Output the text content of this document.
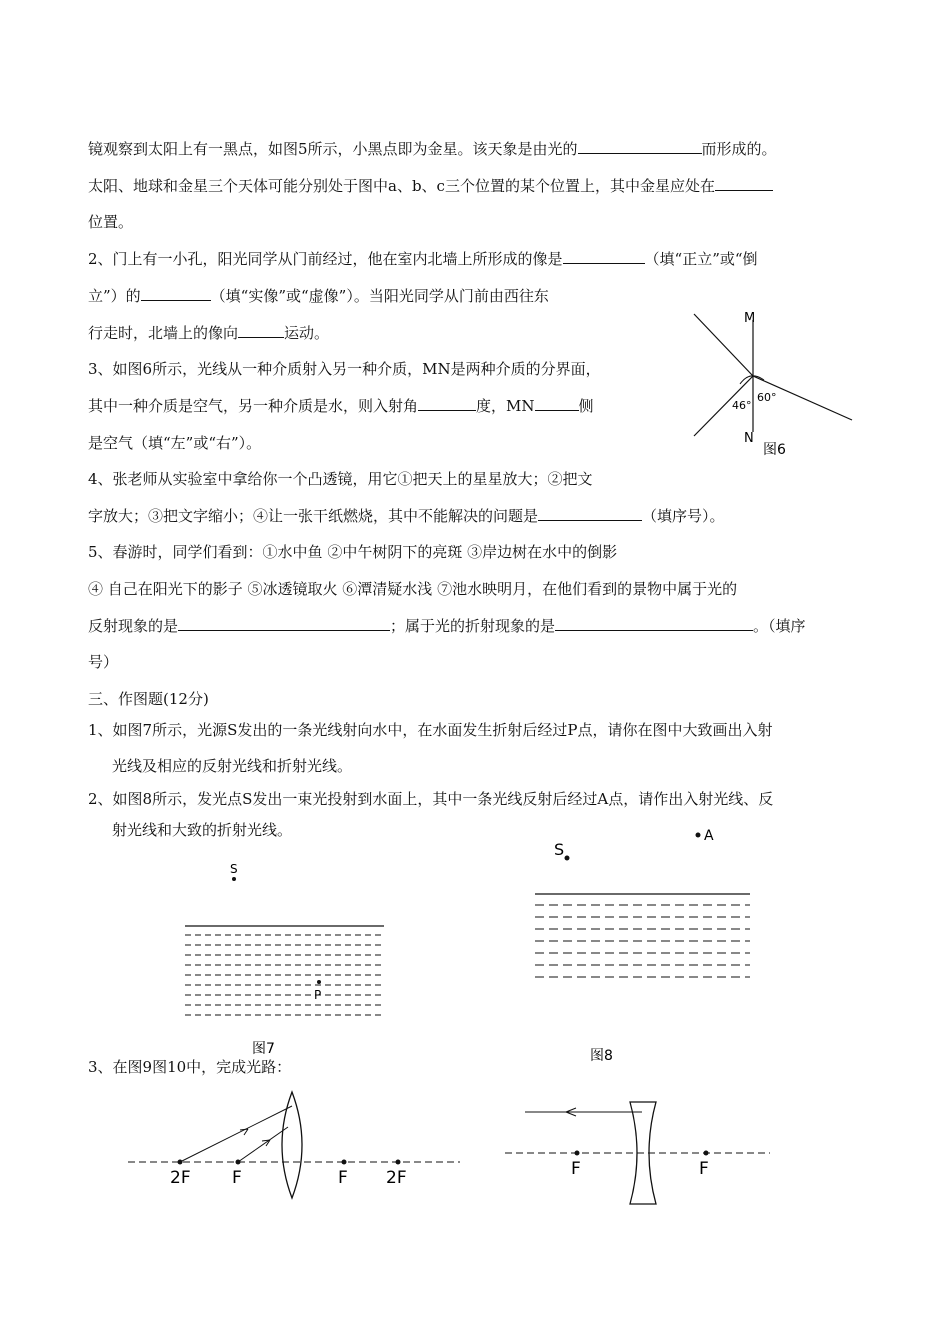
镜观察到太阳上有一黑点，如图5所示，小黑点即为金星。该天象是由光的	而形成的。
太阳、地球和金星三个天体可能分别处于图中a、b、c三个位置的某个位置上，其中金星应处在
位置。
2、门上有一小孔，阳光同学从门前经过，他在室内北墙上所形成的像是	（填“正立”或“倒
立”）的	（填“实像”或“虚像”）。当阳光同学从门前由西往东
行走时，北墙上的像向	运动。
3、如图6所示，光线从一种介质射入另一种介质，MN是两种介质的分界面，
其中一种介质是空气，另一种介质是水，则入射角	度，MN	侧
是空气（填“左”或“右”）。
M
N
46°
60°
图6
4、张老师从实验室中拿给你一个凸透镜，用它①把天上的星星放大；②把文
字放大；③把文字缩小；④让一张干纸燃烧，其中不能解决的问题是	（填序号）。
5、春游时，同学们看到：①水中鱼 ②中午树阴下的亮斑 ③岸边树在水中的倒影
④ 自己在阳光下的影子 ⑤冰透镜取火 ⑥潭清疑水浅 ⑦池水映明月，在他们看到的景物中属于光的
反射现象的是	；属于光的折射现象的是	。（填序
号）
三、作图题(12分)
1、如图7所示，光源S发出的一条光线射向水中，在水面发生折射后经过P点，请你在图中大致画出入射
光线及相应的反射光线和折射光线。
2、如图8所示，发光点S发出一束光投射到水面上，其中一条光线反射后经过A点，请作出入射光线、反
射光线和大致的折射光线。
S
P
图7
A
S
图8
3、在图9图10中，完成光路：
2F F	F 2F	F	F
